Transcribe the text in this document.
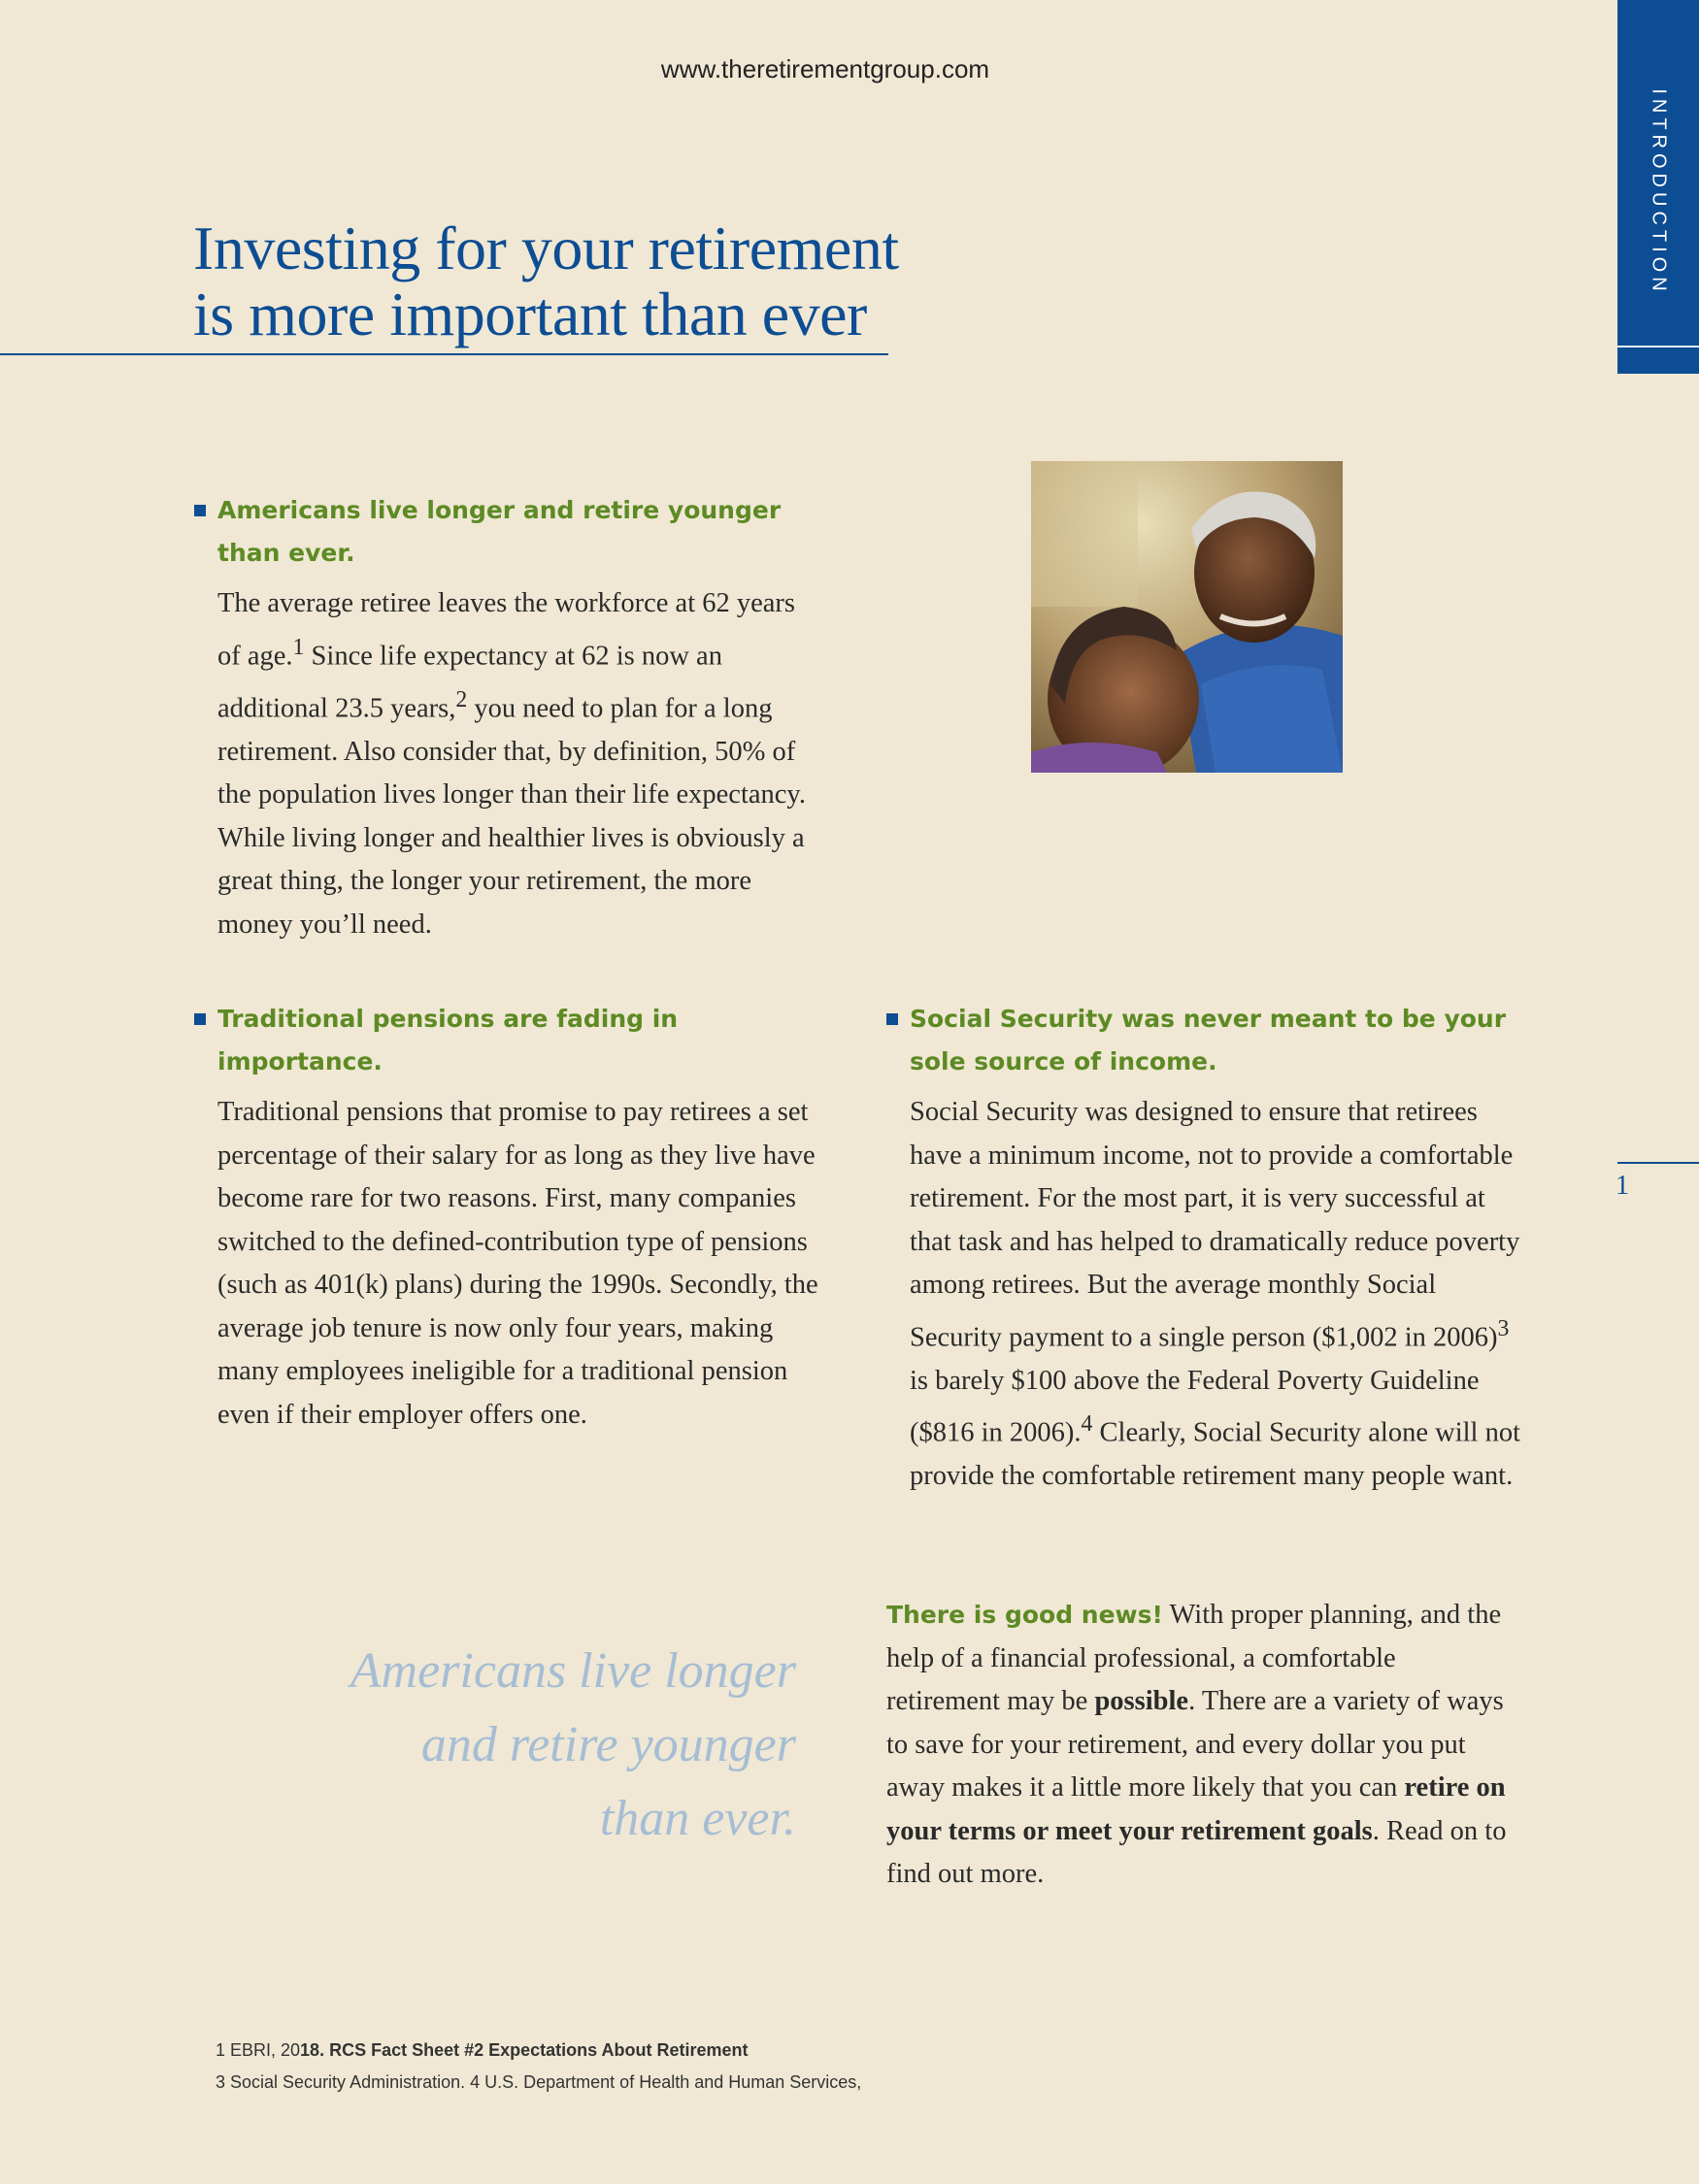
www.theretirementgroup.com
INTRODUCTION
Investing for your retirement
is more important than ever
Americans live longer and retire younger than ever.

The average retiree leaves the workforce at 62 years of age.$^1$ Since life expectancy at 62 is now an additional 23.5 years,$^2$ you need to plan for a long retirement. Also consider that, by definition, 50% of the population lives longer than their life expectancy. While living longer and healthier lives is obviously a great thing, the longer your retirement, the more money you’ll need.

Traditional pensions are fading in importance.

Traditional pensions that promise to pay retirees a set percentage of their salary for as long as they live have become rare for two reasons. First, many companies switched to the defined-contribution type of pensions (such as 401(k) plans) during the 1990s. Secondly, the average job tenure is now only four years, making many employees ineligible for a traditional pension even if their employer offers one.

Social Security was never meant to be your sole source of income.

Social Security was designed to ensure that retirees have a minimum income, not to provide a comfortable retirement. For the most part, it is very successful at that task and has helped to dramatically reduce poverty among retirees. But the average monthly Social Security payment to a single person ($1,002 in 2006)$^3$ is barely $100 above the Federal Poverty Guideline ($816 in 2006).$^4$ Clearly, Social Security alone will not provide the comfortable retirement many people want.

Americans live longer
and retire younger
than ever.

There is good news! With proper planning, and the help of a financial professional, a comfortable retirement may be possible. There are a variety of ways to save for your retirement, and every dollar you put away makes it a little more likely that you can retire on your terms or meet your retirement goals. Read on to find out more.

1
1 EBRI, 2018. RCS Fact Sheet #2 Expectations About Retirement
3 Social Security Administration. 4 U.S. Department of Health and Human Services,
